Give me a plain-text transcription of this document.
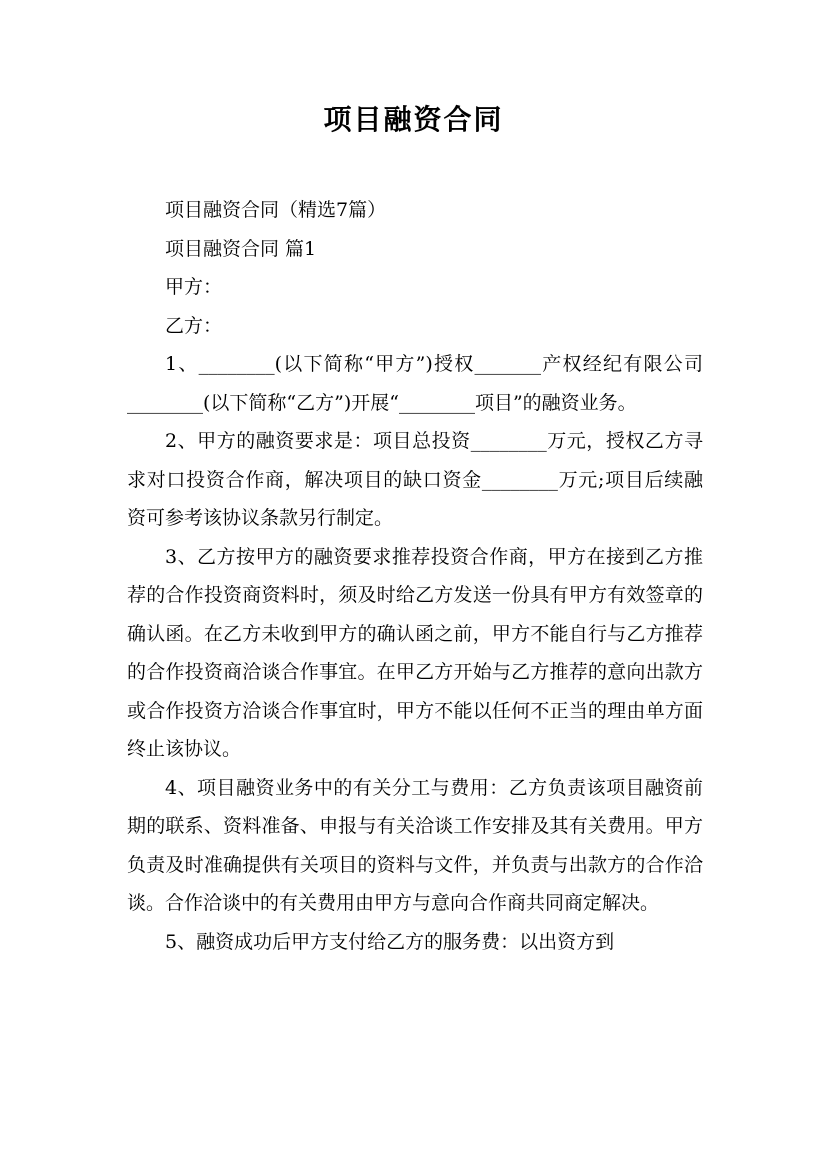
项目融资合同

项目融资合同（精选7篇）

项目融资合同 篇1

甲方：

乙方：

1、________(以下简称“甲方”)授权_______产权经纪有限公司________(以下简称“乙方”)开展“________项目”的融资业务。

2、甲方的融资要求是：项目总投资________万元，授权乙方寻求对口投资合作商，解决项目的缺口资金________万元;项目后续融资可参考该协议条款另行制定。

3、乙方按甲方的融资要求推荐投资合作商，甲方在接到乙方推荐的合作投资商资料时，须及时给乙方发送一份具有甲方有效签章的确认函。在乙方未收到甲方的确认函之前，甲方不能自行与乙方推荐的合作投资商洽谈合作事宜。在甲乙方开始与乙方推荐的意向出款方或合作投资方洽谈合作事宜时，甲方不能以任何不正当的理由单方面终止该协议。

4、项目融资业务中的有关分工与费用：乙方负责该项目融资前期的联系、资料准备、申报与有关洽谈工作安排及其有关费用。甲方负责及时准确提供有关项目的资料与文件，并负责与出款方的合作洽谈。合作洽谈中的有关费用由甲方与意向合作商共同商定解决。

5、融资成功后甲方支付给乙方的服务费：以出资方到
